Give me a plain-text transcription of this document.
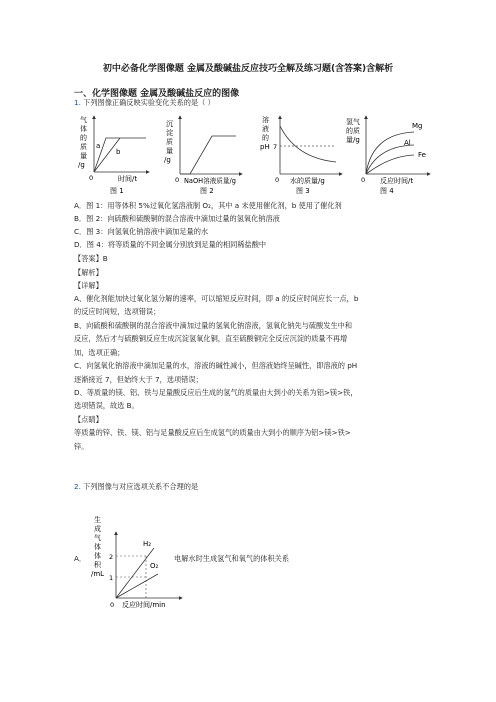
初中必备化学图像题 金属及酸碱盐反应技巧全解及练习题(含答案)含解析
一、化学图像题 金属及酸碱盐反应的图像
1. 下列图像正确反映实验变化关系的是（ ）
气
体
的
质
量
/g
a
b
0	时间/t
图 1
沉
淀
质
量
/g
0 NaOH溶液质量/g
图 2
溶
液
的
pH 7
0 水的质量/g
图 3
氢气
的质
量/g
Mg
Al
Fe
0 反应时间/t
图 4
A．图 1：用等体积 5%过氧化氢溶液制 O₂，其中 a 未使用催化剂，b 使用了催化剂
B．图 2：向硫酸和硫酸铜的混合溶液中滴加过量的氢氧化钠溶液
C．图 3：向氢氧化钠溶液中滴加足量的水
D．图 4：将等质量的不同金属分别放到足量的相同稀盐酸中
【答案】B
【解析】
【详解】
A、催化剂能加快过氧化氢分解的速率，可以缩短反应时间，即 a 的反应时间应长一点，b
的反应时间短，选项错误；
B、向硫酸和硫酸铜的混合溶液中滴加过量的氢氧化钠溶液，氢氧化钠先与硫酸发生中和
反应，然后才与硫酸铜反应生成沉淀氢氧化铜，直至硫酸铜完全反应沉淀的质量不再增
加，选项正确；
C、向氢氧化钠溶液中滴加足量的水，溶液的碱性减小，但溶液始终呈碱性，即溶液的 pH
逐渐接近 7，但始终大于 7，选项错误；
D、等质量的镁、铝、铁与足量酸反应后生成的氢气的质量由大到小的关系为铝>镁>铁，
选项错误，故选 B。
【点睛】
等质量的锌、铁、镁、铝与足量酸反应后生成氢气的质量由大到小的顺序为铝>镁>铁>
锌。
2. 下列图像与对应选项关系不合理的是
A．
生
成
气
体
体
积
/mL
H₂
O₂
2
1
0 反应时间/min
电解水时生成氢气和氧气的体积关系
